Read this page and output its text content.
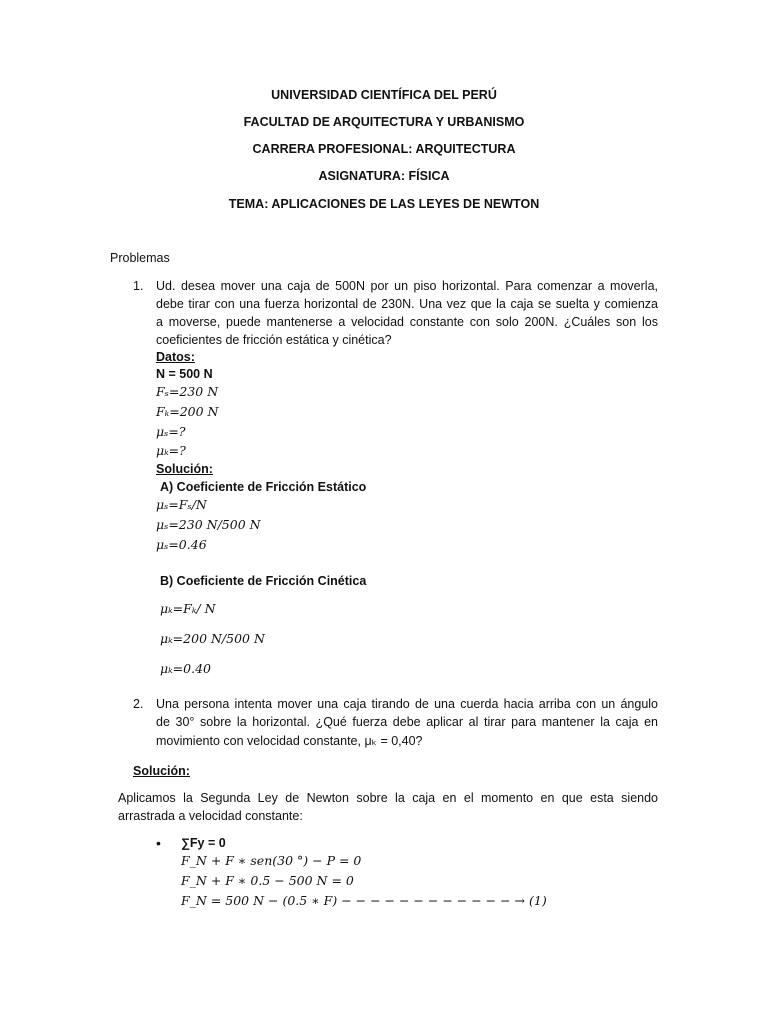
UNIVERSIDAD CIENTÍFICA DEL PERÚ
FACULTAD DE ARQUITECTURA Y URBANISMO
CARRERA PROFESIONAL: ARQUITECTURA
ASIGNATURA: FÍSICA
TEMA: APLICACIONES DE LAS LEYES DE NEWTON
Problemas
1. Ud. desea mover una caja de 500N por un piso horizontal. Para comenzar a moverla,
debe tirar con una fuerza horizontal de 230N. Una vez que la caja se suelta y comienza
a moverse, puede mantenerse a velocidad constante con solo 200N. ¿Cuáles son los
coeficientes de fricción estática y cinética?
Datos:
N = 500 N
Fₛ=230 N
Fₖ=200 N
μₛ=?
μₖ=?
Solución:
A) Coeficiente de Fricción Estático
μₛ=Fₛ/N
μₛ=230 N/500 N
μₛ=0.46
B) Coeficiente de Fricción Cinética
μₖ=Fₖ/ N
μₖ=200 N/500 N
μₖ=0.40
2. Una persona intenta mover una caja tirando de una cuerda hacia arriba con un ángulo
de 30° sobre la horizontal. ¿Qué fuerza debe aplicar al tirar para mantener la caja en
movimiento con velocidad constante, μₖ = 0,40?
Solución:
Aplicamos la Segunda Ley de Newton sobre la caja en el momento en que esta siendo
arrastrada a velocidad constante:
• ∑Fy = 0
F_N + F ∗ sen(30 °) − P = 0
F_N + F ∗ 0.5 − 500 N = 0
F_N = 500 N − (0.5 ∗ F) − − − − − − − − − − − − → (1)
